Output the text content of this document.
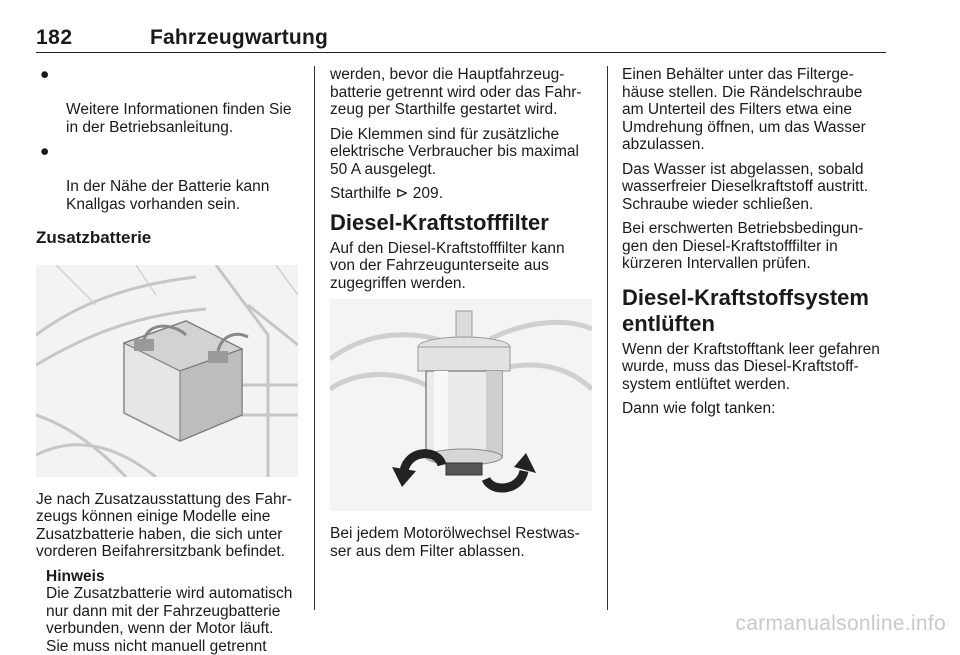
182	Fahrzeugwartung

●

Weitere Informationen finden Sie
in der Betriebsanleitung.

●

In der Nähe der Batterie kann
Knallgas vorhanden sein.

Zusatzbatterie

Je nach Zusatzausstattung des Fahr-
zeugs können einige Modelle eine
Zusatzbatterie haben, die sich unter
vorderen Beifahrersitzbank befindet.

Hinweis
Die Zusatzbatterie wird automatisch
nur dann mit der Fahrzeugbatterie
verbunden, wenn der Motor läuft.
Sie muss nicht manuell getrennt

werden, bevor die Hauptfahrzeug-
batterie getrennt wird oder das Fahr-
zeug per Starthilfe gestartet wird.

Die Klemmen sind für zusätzliche
elektrische Verbraucher bis maximal
50 A ausgelegt.

Starthilfe ⊳ 209.

Diesel-Kraftstofffilter

Auf den Diesel-Kraftstofffilter kann
von der Fahrzeugunterseite aus
zugegriffen werden.

Bei jedem Motorölwechsel Restwas-
ser aus dem Filter ablassen.

Einen Behälter unter das Filterge-
häuse stellen. Die Rändelschraube
am Unterteil des Filters etwa eine
Umdrehung öffnen, um das Wasser
abzulassen.

Das Wasser ist abgelassen, sobald
wasserfreier Dieselkraftstoff austritt.
Schraube wieder schließen.

Bei erschwerten Betriebsbedingun-
gen den Diesel-Kraftstofffilter in
kürzeren Intervallen prüfen.

Diesel-Kraftstoffsystem
entlüften

Wenn der Kraftstofftank leer gefahren
wurde, muss das Diesel-Kraftstoff-
system entlüftet werden.

Dann wie folgt tanken:

carmanualsonline.info
